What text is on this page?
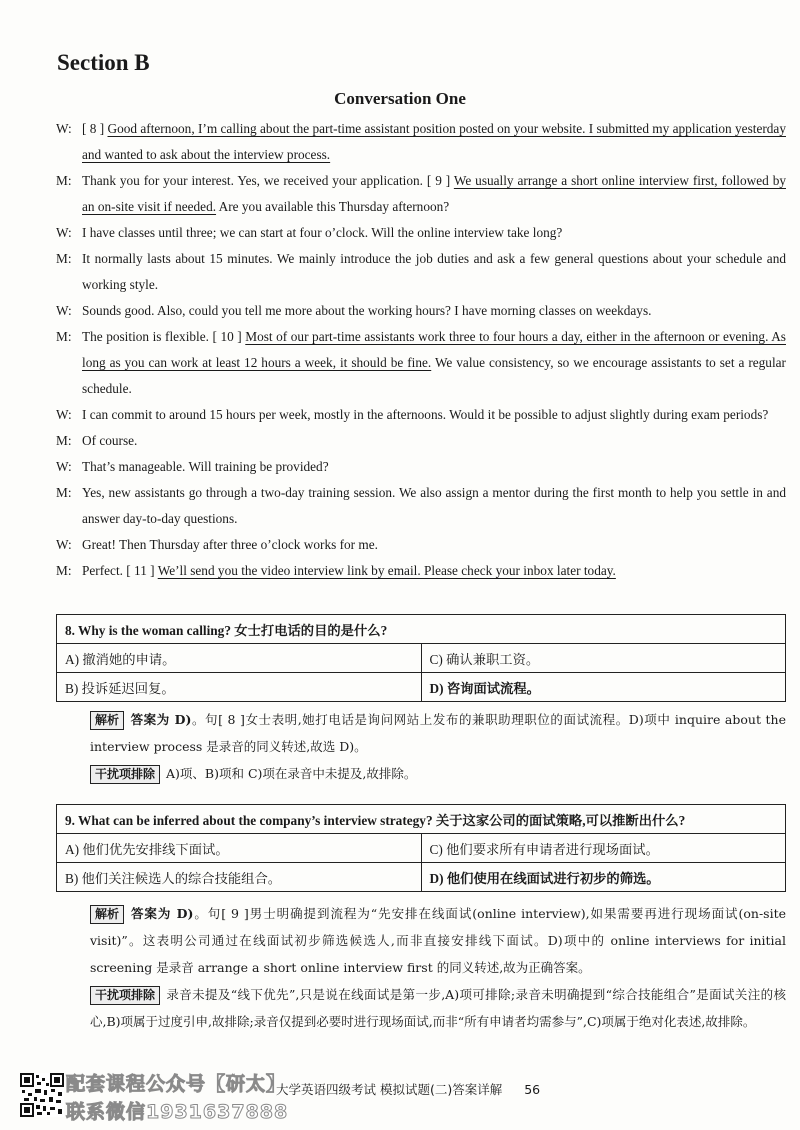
Section B
Conversation One
W: [ 8 ] Good afternoon, I’m calling about the part-time assistant position posted on your website. I submitted my application yesterday and wanted to ask about the interview process.
M: Thank you for your interest. Yes, we received your application. [ 9 ] We usually arrange a short online interview first, followed by an on-site visit if needed. Are you available this Thursday afternoon?
W: I have classes until three; we can start at four o’clock. Will the online interview take long?
M: It normally lasts about 15 minutes. We mainly introduce the job duties and ask a few general questions about your schedule and working style.
W: Sounds good. Also, could you tell me more about the working hours? I have morning classes on weekdays.
M: The position is flexible. [ 10 ] Most of our part-time assistants work three to four hours a day, either in the afternoon or evening. As long as you can work at least 12 hours a week, it should be fine. We value consistency, so we encourage assistants to set a regular schedule.
W: I can commit to around 15 hours per week, mostly in the afternoons. Would it be possible to adjust slightly during exam periods?
M: Of course.
W: That’s manageable. Will training be provided?
M: Yes, new assistants go through a two-day training session. We also assign a mentor during the first month to help you settle in and answer day-to-day questions.
W: Great! Then Thursday after three o’clock works for me.
M: Perfect. [ 11 ] We’ll send you the video interview link by email. Please check your inbox later today.
8. Why is the woman calling? 女士打电话的目的是什么?	
A) 撤消她的申请。	C) 确认兼职工资。
B) 投诉延迟回复。	D) 咨询面试流程。
解析 答案为 D)。句[ 8 ]女士表明,她打电话是询问网站上发布的兼职助理职位的面试流程。D)项中 inquire about the interview process 是录音的同义转述,故选 D)。
干扰项排除 A)项、B)项和 C)项在录音中未提及,故排除。
9. What can be inferred about the company’s interview strategy? 关于这家公司的面试策略,可以推断出什么?	
A) 他们优先安排线下面试。	C) 他们要求所有申请者进行现场面试。
B) 他们关注候选人的综合技能组合。	D) 他们使用在线面试进行初步的筛选。
解析 答案为 D)。句[ 9 ]男士明确提到流程为“先安排在线面试(online interview),如果需要再进行现场面试(on-site visit)”。这表明公司通过在线面试初步筛选候选人,而非直接安排线下面试。D)项中的 online interviews for initial screening 是录音 arrange a short online interview first 的同义转述,故为正确答案。
干扰项排除 录音未提及“线下优先”,只是说在线面试是第一步,A)项可排除;录音未明确提到“综合技能组合”是面试关注的核心,B)项属于过度引申,故排除;录音仅提到必要时进行现场面试,而非“所有申请者均需参与”,C)项属于绝对化表述,故排除。
配套课程公众号【研太】
联系微信1931637888
大学英语四级考试 模拟试题(二)答案详解 56
